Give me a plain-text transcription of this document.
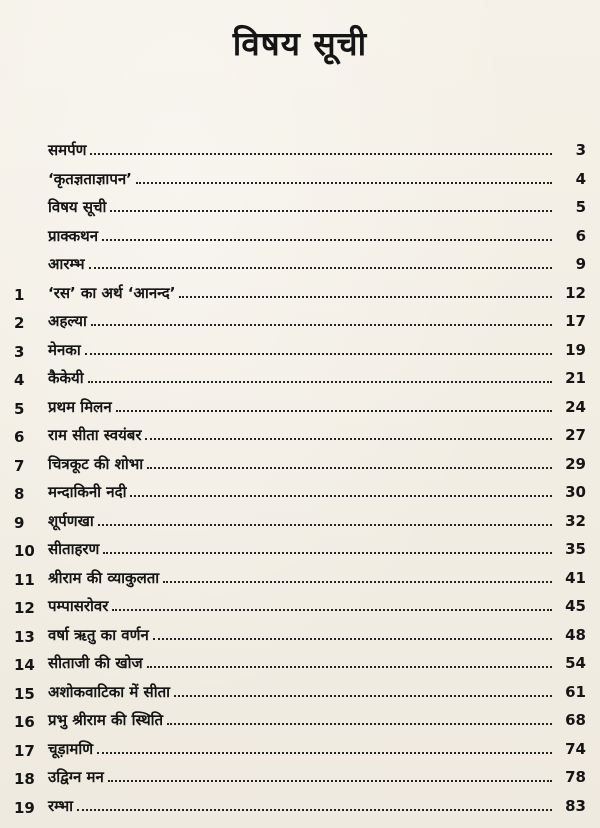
विषय सूची
समर्पण	3
‘कृतज्ञताज्ञापन’	4
विषय सूची	5
प्राक्कथन	6
आरम्भ	9
1	‘रस’ का अर्थ ‘आनन्द’	12
2	अहल्या	17
3	मेनका	19
4	कैकेयी	21
5	प्रथम मिलन	24
6	राम सीता स्वयंबर	27
7	चित्रकूट की शोभा	29
8	मन्दाकिनी नदी	30
9	शूर्पणखा	32
10 सीताहरण	35
11 श्रीराम की व्याकुलता	41
12 पम्पासरोवर	45
13 वर्षा ऋतु का वर्णन	48
14 सीताजी की खोज	54
15 अशोकवाटिका में सीता	61
16 प्रभु श्रीराम की स्थिति	68
17 चूड़ामणि	74
18 उद्विग्न मन	78
19 रम्भा	83
